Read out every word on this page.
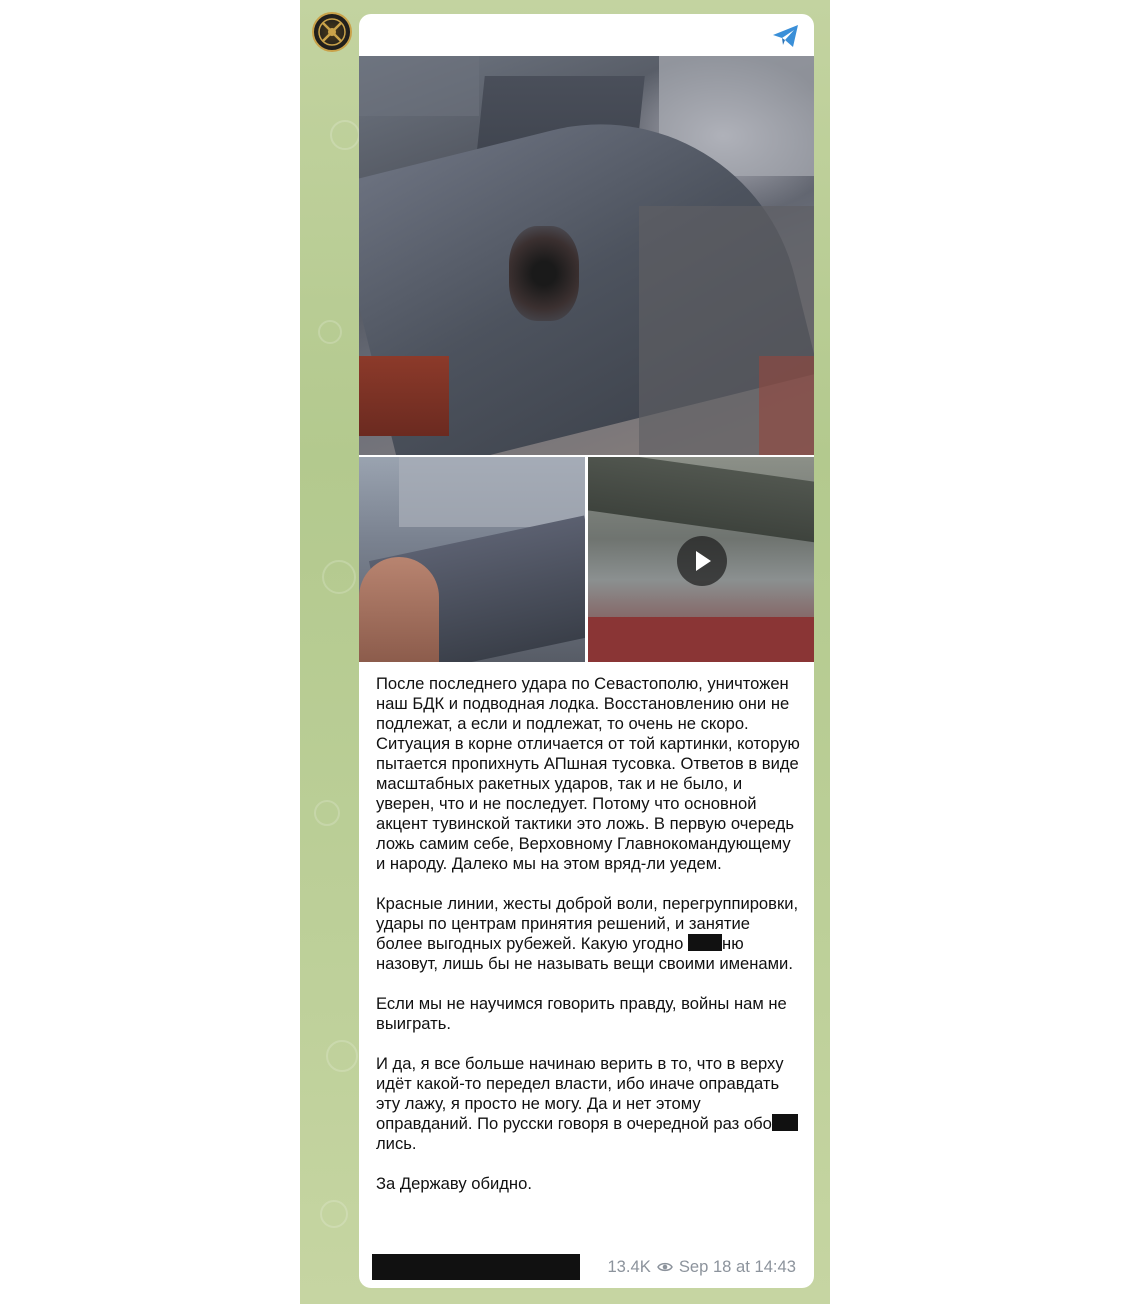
После последнего удара по Севастополю, уничтожен наш БДК и подводная лодка. Восстановлению они не подлежат, а если и подлежат, то очень не скоро. Ситуация в корне отличается от той картинки, которую пытается пропихнуть АПшная тусовка. Ответов в виде масштабных ракетных ударов, так и не было, и уверен, что и не последует. Потому что основной акцент тувинской тактики это ложь. В первую очередь ложь самим себе, Верховному Главнокомандующему и народу. Далеко мы на этом вряд-ли уедем.

Красные линии, жесты доброй воли, перегруппировки, удары по центрам принятия решений, и занятие более выгодных рубежей. Какую угодно ню назовут, лишь бы не называть вещи своими именами.

Если мы не научимся говорить правду, войны нам не выиграть.

И да, я все больше начинаю верить в то, что в верху идёт какой-то передел власти, ибо иначе оправдать эту лажу, я просто не могу. Да и нет этому оправданий. По русски говоря в очередной раз оболись.

За Державу обидно.

13.4K Sep 18 at 14:43
